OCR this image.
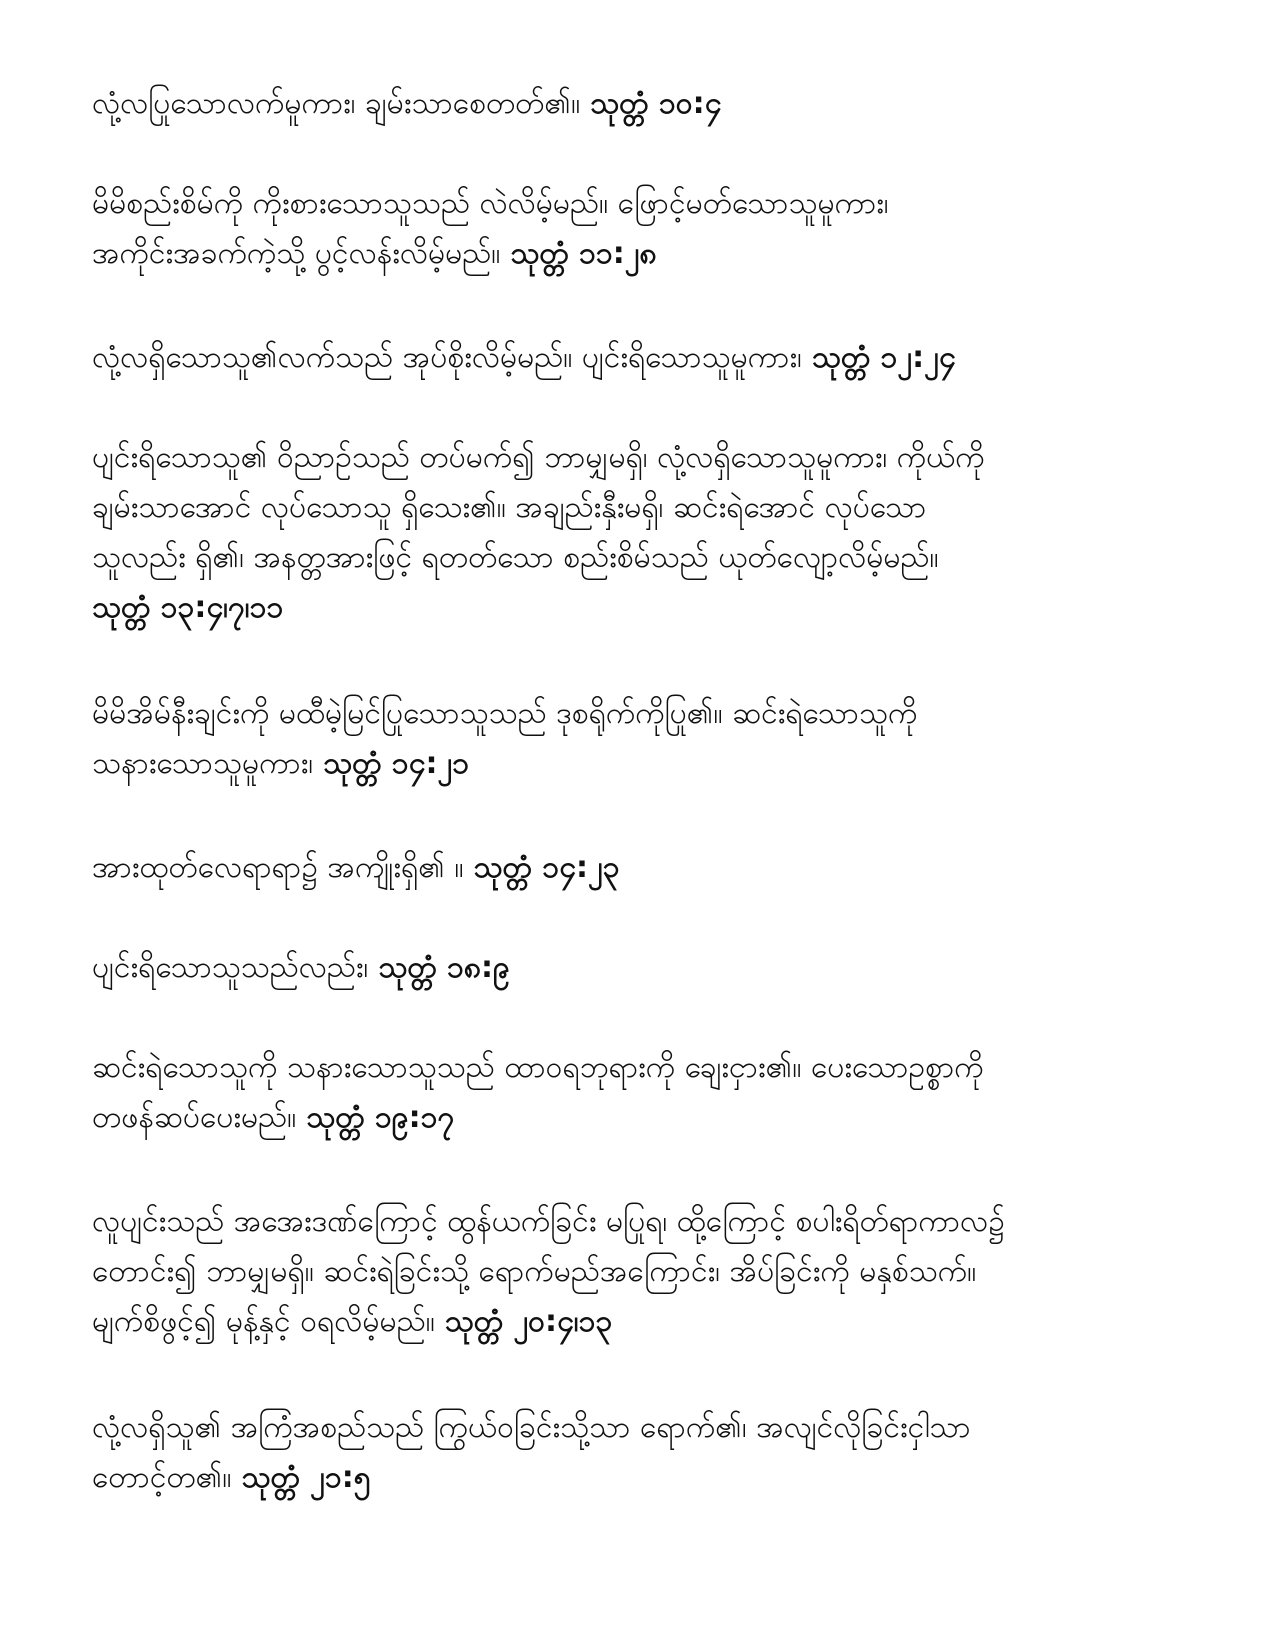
လုံ့လပြုသောလက်မူကား၊ ချမ်းသာစေတတ်၏။ သုတ္တံ ၁၀:၄
မိမိစည်းစိမ်ကို ကိုးစားသောသူသည် လဲလိမ့်မည်။ ဖြောင့်မတ်သောသူမူကား၊
အကိုင်းအခက်ကဲ့သို့ ပွင့်လန်းလိမ့်မည်။ သုတ္တံ ၁၁:၂၈
လုံ့လရှိသောသူ၏လက်သည် အုပ်စိုးလိမ့်မည်။ ပျင်းရိသောသူမူကား၊ သုတ္တံ ၁၂:၂၄
ပျင်းရိသောသူ၏ ဝိညာဉ်သည် တပ်မက်၍ ဘာမျှမရှိ၊ လုံ့လရှိသောသူမူကား၊ ကိုယ်ကို
ချမ်းသာအောင် လုပ်သောသူ ရှိသေး၏။ အချည်းနှီးမရှိ၊ ဆင်းရဲအောင် လုပ်သော
သူလည်း ရှိ၏၊ အနတ္တအားဖြင့် ရတတ်သော စည်းစိမ်သည် ယုတ်လျော့လိမ့်မည်။
သုတ္တံ ၁၃:၄၊၇၊၁၁
မိမိအိမ်နီးချင်းကို မထီမဲ့မြင်ပြုသောသူသည် ဒုစရိုက်ကိုပြု၏။ ဆင်းရဲသောသူကို
သနားသောသူမူကား၊ သုတ္တံ ၁၄:၂၁
အားထုတ်လေရာရာ၌ အကျိုးရှိ၏ ။ သုတ္တံ ၁၄:၂၃
ပျင်းရိသောသူသည်လည်း၊ သုတ္တံ ၁၈:၉
ဆင်းရဲသောသူကို သနားသောသူသည် ထာဝရဘုရားကို ချေးငှား၏။ ပေးသောဥစ္စာကို
တဖန်ဆပ်ပေးမည်။ သုတ္တံ ၁၉:၁၇
လူပျင်းသည် အအေးဒဏ်ကြောင့် ထွန်ယက်ခြင်း မပြုရ၊ ထို့ကြောင့် စပါးရိတ်ရာကာလ၌
တောင်း၍ ဘာမျှမရှိ။ ဆင်းရဲခြင်းသို့ ရောက်မည်အကြောင်း၊ အိပ်ခြင်းကို မနှစ်သက်။
မျက်စိဖွင့်၍ မုန့်နှင့် ဝရလိမ့်မည်။ သုတ္တံ ၂၀:၄၊၁၃
လုံ့လရှိသူ၏ အကြံအစည်သည် ကြွယ်ဝခြင်းသို့သာ ရောက်၏၊ အလျင်လိုခြင်းငှါသာ
တောင့်တ၏။ သုတ္တံ ၂၁:၅
